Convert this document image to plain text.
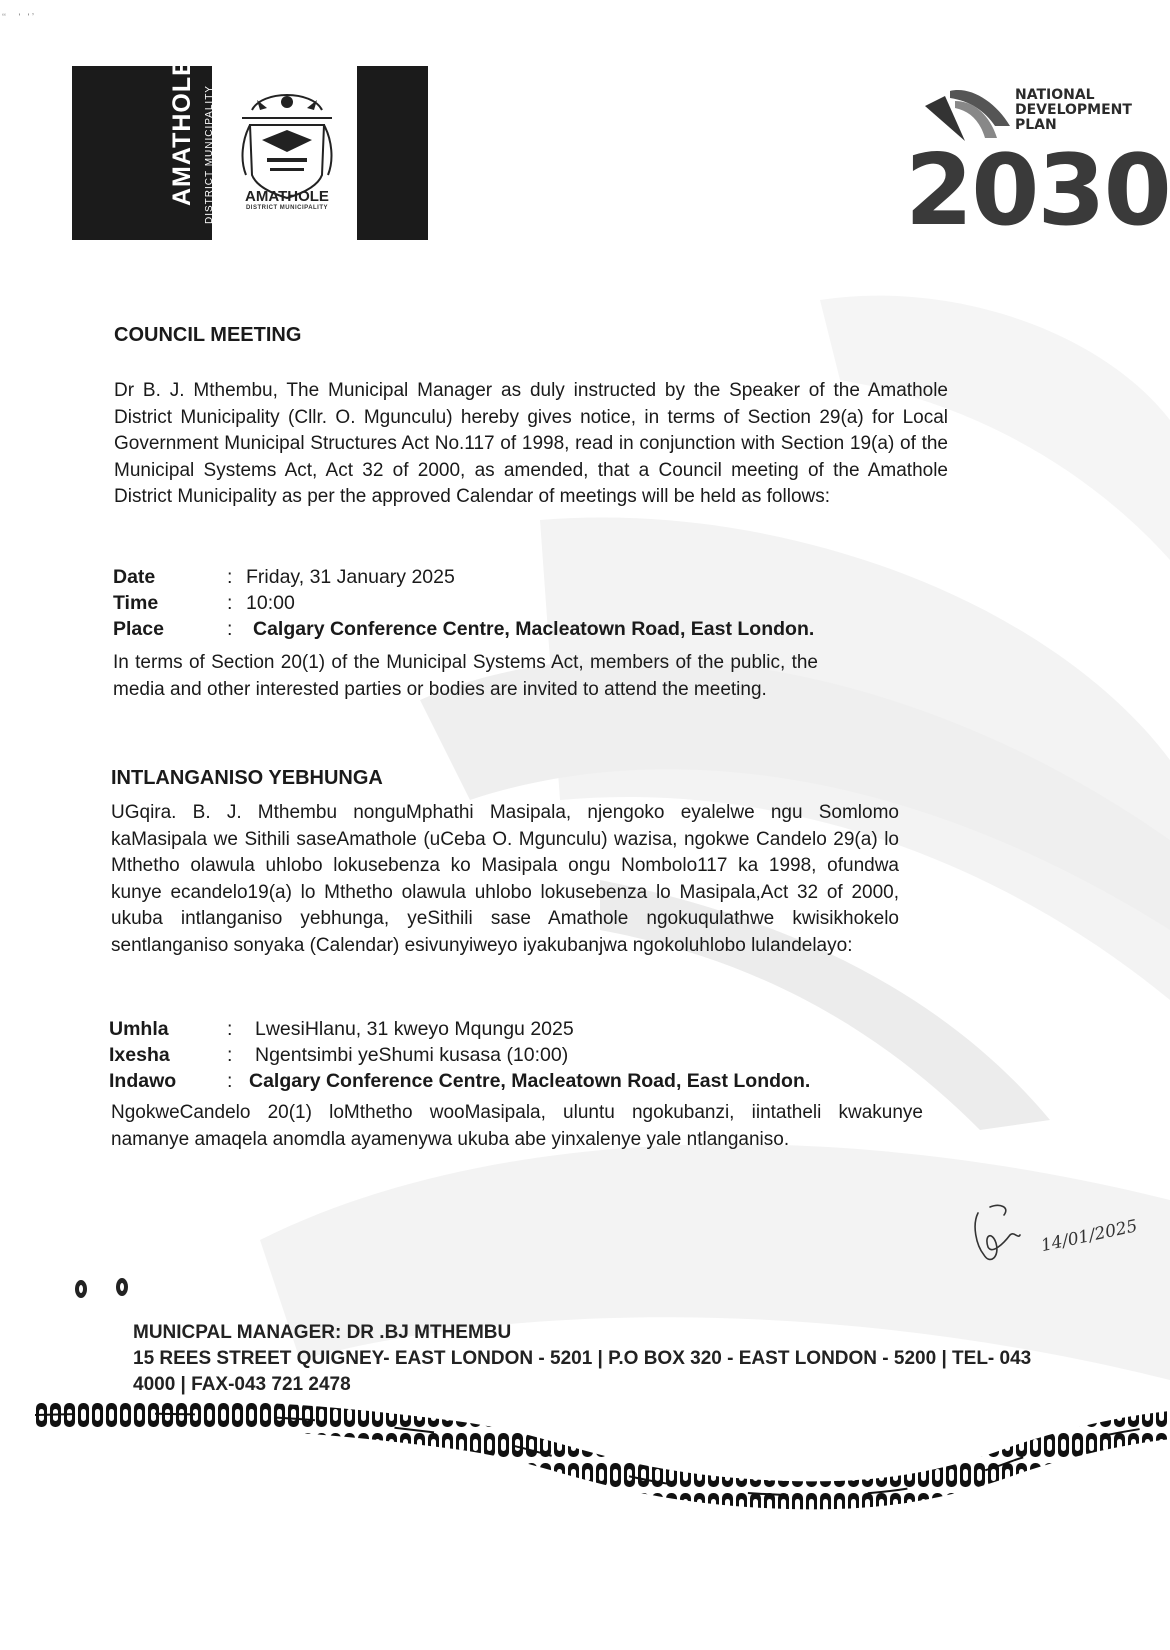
ʻʻ     '   ' ʼ
AMATHOLE DISTRICT MUNICIPALITY	AMATHOLE
DISTRICT MUNICIPALITY
NATIONAL
DEVELOPMENT
PLAN
2030
COUNCIL MEETING
Dr B. J. Mthembu, The Municipal Manager as duly instructed by the Speaker of the Amathole District Municipality (Cllr. O. Mgunculu) hereby gives notice, in terms of Section 29(a) for Local Government Municipal Structures Act No.117 of 1998, read in conjunction with Section 19(a) of the Municipal Systems Act, Act 32 of 2000, as amended, that a Council meeting of the Amathole District Municipality as per the approved Calendar of meetings will be held as follows:
Date	: Friday, 31 January 2025
Time	: 10:00
Place	: Calgary Conference Centre, Macleatown Road, East London.
In terms of Section 20(1) of the Municipal Systems Act, members of the public, the media and other interested parties or bodies are invited to attend the meeting.
INTLANGANISO YEBHUNGA
UGqira. B. J. Mthembu nonguMphathi Masipala, njengoko eyalelwe ngu Somlomo kaMasipala we Sithili saseAmathole (uCeba O. Mgunculu) wazisa, ngokwe Candelo 29(a) lo Mthetho olawula uhlobo lokusebenza ko Masipala ongu Nombolo117 ka 1998, ofundwa kunye ecandelo19(a) lo Mthetho olawula uhlobo lokusebenza lo Masipala,Act 32 of 2000, ukuba intlanganiso yebhunga, yeSithili sase Amathole ngokuqulathwe kwisikhokelo sentlanganiso sonyaka (Calendar) esivunyiweyo iyakubanjwa ngokoluhlobo lulandelayo:
Umhla	: LwesiHlanu, 31 kweyo Mqungu 2025
Ixesha	: Ngentsimbi yeShumi kusasa (10:00)
Indawo	: Calgary Conference Centre, Macleatown Road, East London.
NgokweCandelo 20(1) loMthetho wooMasipala, uluntu ngokubanzi, iintatheli kwakunye namanye amaqela anomdla ayamenywa ukuba abe yinxalenye yale ntlanganiso.
14/01/2025
MUNICPAL MANAGER: DR .BJ MTHEMBU
15 REES STREET QUIGNEY- EAST LONDON - 5201 | P.O BOX 320 - EAST LONDON - 5200 | TEL- 043
4000 | FAX-043 721 2478
